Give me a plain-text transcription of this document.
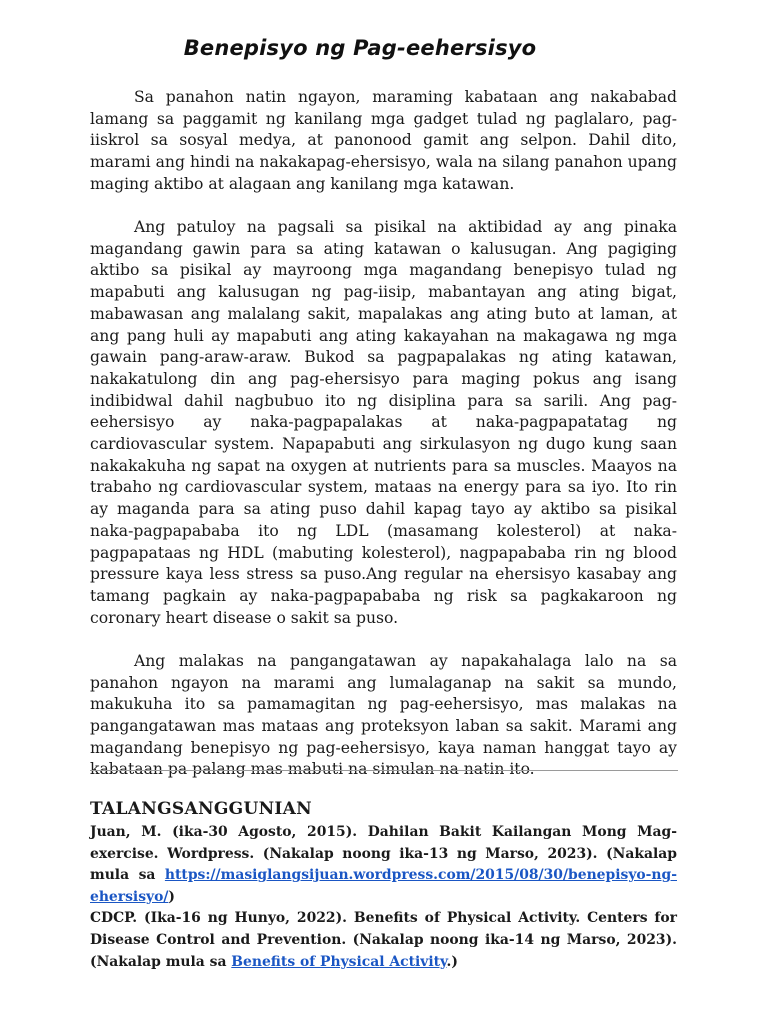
Benepisyo ng Pag-eehersisyo

Sa panahon natin ngayon, maraming kabataan ang nakababad lamang sa paggamit ng kanilang mga gadget tulad ng paglalaro, pag-iiskrol sa sosyal medya, at panonood gamit ang selpon. Dahil dito, marami ang hindi na nakakapag-ehersisyo, wala na silang panahon upang maging aktibo at alagaan ang kanilang mga katawan.

Ang patuloy na pagsali sa pisikal na aktibidad ay ang pinaka magandang gawin para sa ating katawan o kalusugan. Ang pagiging aktibo sa pisikal ay mayroong mga magandang benepisyo tulad ng mapabuti ang kalusugan ng pag-iisip, mabantayan ang ating bigat, mabawasan ang malalang sakit, mapalakas ang ating buto at laman, at ang pang huli ay mapabuti ang ating kakayahan na makagawa ng mga gawain pang-araw-araw. Bukod sa pagpapalakas ng ating katawan, nakakatulong din ang pag-ehersisyo para maging pokus ang isang indibidwal dahil nagbubuo ito ng disiplina para sa sarili. Ang pag-eehersisyo ay naka-pagpapalakas at naka-pagpapatatag ng cardiovascular system. Napapabuti ang sirkulasyon ng dugo kung saan nakakakuha ng sapat na oxygen at nutrients para sa muscles. Maayos na trabaho ng cardiovascular system, mataas na energy para sa iyo. Ito rin ay maganda para sa ating puso dahil kapag tayo ay aktibo sa pisikal naka-pagpapababa ito ng LDL (masamang kolesterol) at naka-pagpapataas ng HDL (mabuting kolesterol), nagpapababa rin ng blood pressure kaya less stress sa puso.Ang regular na ehersisyo kasabay ang tamang pagkain ay naka-pagpapababa ng risk sa pagkakaroon ng coronary heart disease o sakit sa puso.

Ang malakas na pangangatawan ay napakahalaga lalo na sa panahon ngayon na marami ang lumalaganap na sakit sa mundo, makukuha ito sa pamamagitan ng pag-eehersisyo, mas malakas na pangangatawan mas mataas ang proteksyon laban sa sakit. Marami ang magandang benepisyo ng pag-eehersisyo, kaya naman hanggat tayo ay kabataan pa palang mas mabuti na simulan na natin ito.

TALANGSANGGUNIAN

Juan, M. (ika-30 Agosto, 2015). Dahilan Bakit Kailangan Mong Mag-exercise. Wordpress. (Nakalap noong ika-13 ng Marso, 2023). (Nakalap mula sa https://masiglangsijuan.wordpress.com/2015/08/30/benepisyo-ng-ehersisyo/)

CDCP. (Ika-16 ng Hunyo, 2022). Benefits of Physical Activity. Centers for Disease Control and Prevention. (Nakalap noong ika-14 ng Marso, 2023). (Nakalap mula sa Benefits of Physical Activity.)
